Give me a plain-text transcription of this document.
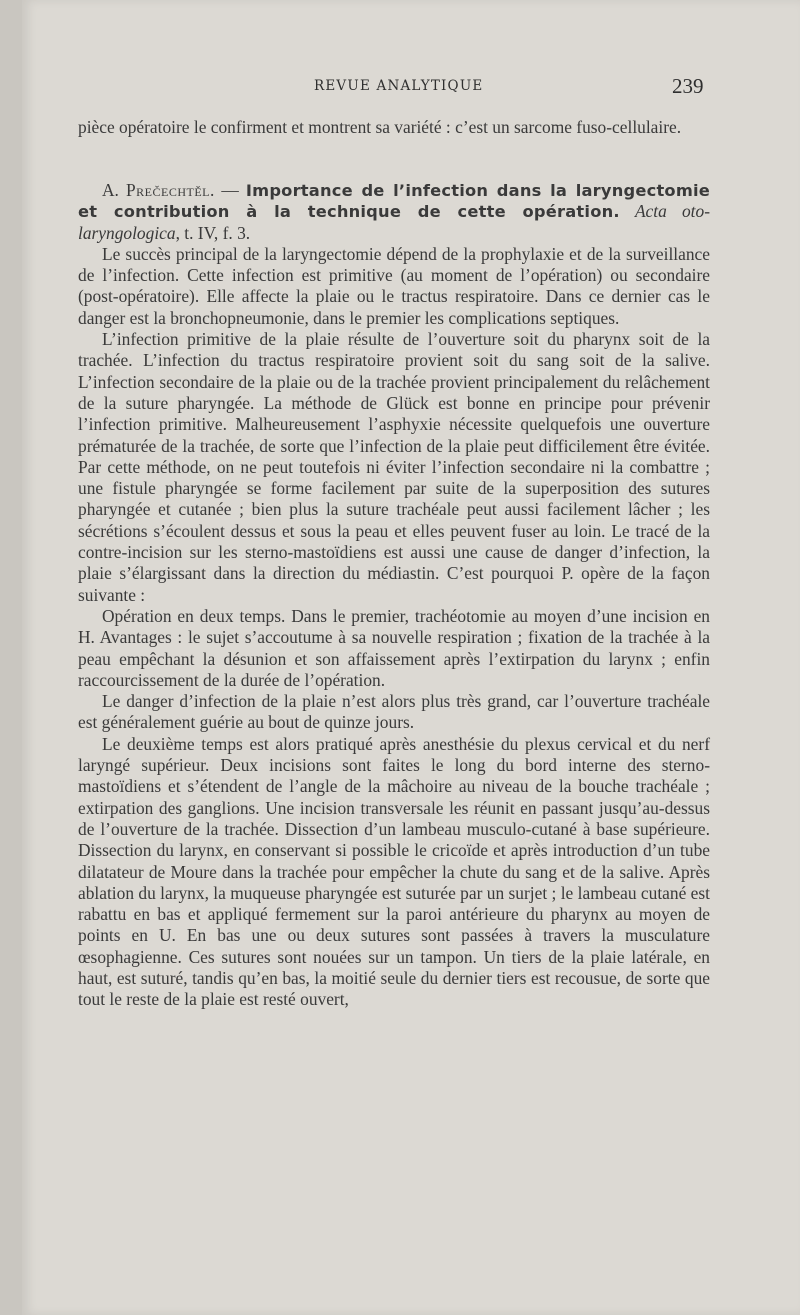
REVUE ANALYTIQUE	239

pièce opératoire le confirment et montrent sa variété : c’est un sarcome fuso-cellulaire.

A. Prečechtěl. — Importance de l’infection dans la laryngectomie et contribution à la technique de cette opération. Acta oto-laryngologica, t. IV, f. 3.

Le succès principal de la laryngectomie dépend de la prophylaxie et de la surveillance de l’infection. Cette infection est primitive (au moment de l’opération) ou secondaire (post-opératoire). Elle affecte la plaie ou le tractus respiratoire. Dans ce dernier cas le danger est la bronchopneumonie, dans le premier les complications septiques.

L’infection primitive de la plaie résulte de l’ouverture soit du pharynx soit de la trachée. L’infection du tractus respiratoire provient soit du sang soit de la salive. L’infection secondaire de la plaie ou de la trachée provient principalement du relâchement de la suture pharyngée. La méthode de Glück est bonne en principe pour prévenir l’infection primitive. Malheureusement l’asphyxie nécessite quelquefois une ouverture prématurée de la trachée, de sorte que l’infection de la plaie peut difficilement être évitée. Par cette méthode, on ne peut toutefois ni éviter l’infection secondaire ni la combattre ; une fistule pharyngée se forme facilement par suite de la superposition des sutures pharyngée et cutanée ; bien plus la suture trachéale peut aussi facilement lâcher ; les sécrétions s’écoulent dessus et sous la peau et elles peuvent fuser au loin. Le tracé de la contre-incision sur les sterno-mastoïdiens est aussi une cause de danger d’infection, la plaie s’élargissant dans la direction du médiastin. C’est pourquoi P. opère de la façon suivante :

Opération en deux temps. Dans le premier, trachéotomie au moyen d’une incision en H. Avantages : le sujet s’accoutume à sa nouvelle respiration ; fixation de la trachée à la peau empêchant la désunion et son affaissement après l’extirpation du larynx ; enfin raccourcissement de la durée de l’opération.

Le danger d’infection de la plaie n’est alors plus très grand, car l’ouverture trachéale est généralement guérie au bout de quinze jours.

Le deuxième temps est alors pratiqué après anesthésie du plexus cervical et du nerf laryngé supérieur. Deux incisions sont faites le long du bord interne des sterno-mastoïdiens et s’étendent de l’angle de la mâchoire au niveau de la bouche trachéale ; extirpation des ganglions. Une incision transversale les réunit en passant jusqu’au-dessus de l’ouverture de la trachée. Dissection d’un lambeau musculo-cutané à base supérieure. Dissection du larynx, en conservant si possible le cricoïde et après introduction d’un tube dilatateur de Moure dans la trachée pour empêcher la chute du sang et de la salive. Après ablation du larynx, la muqueuse pharyngée est suturée par un surjet ; le lambeau cutané est rabattu en bas et appliqué fermement sur la paroi antérieure du pharynx au moyen de points en U. En bas une ou deux sutures sont passées à travers la musculature œsophagienne. Ces sutures sont nouées sur un tampon. Un tiers de la plaie latérale, en haut, est suturé, tandis qu’en bas, la moitié seule du dernier tiers est recousue, de sorte que tout le reste de la plaie est resté ouvert,
